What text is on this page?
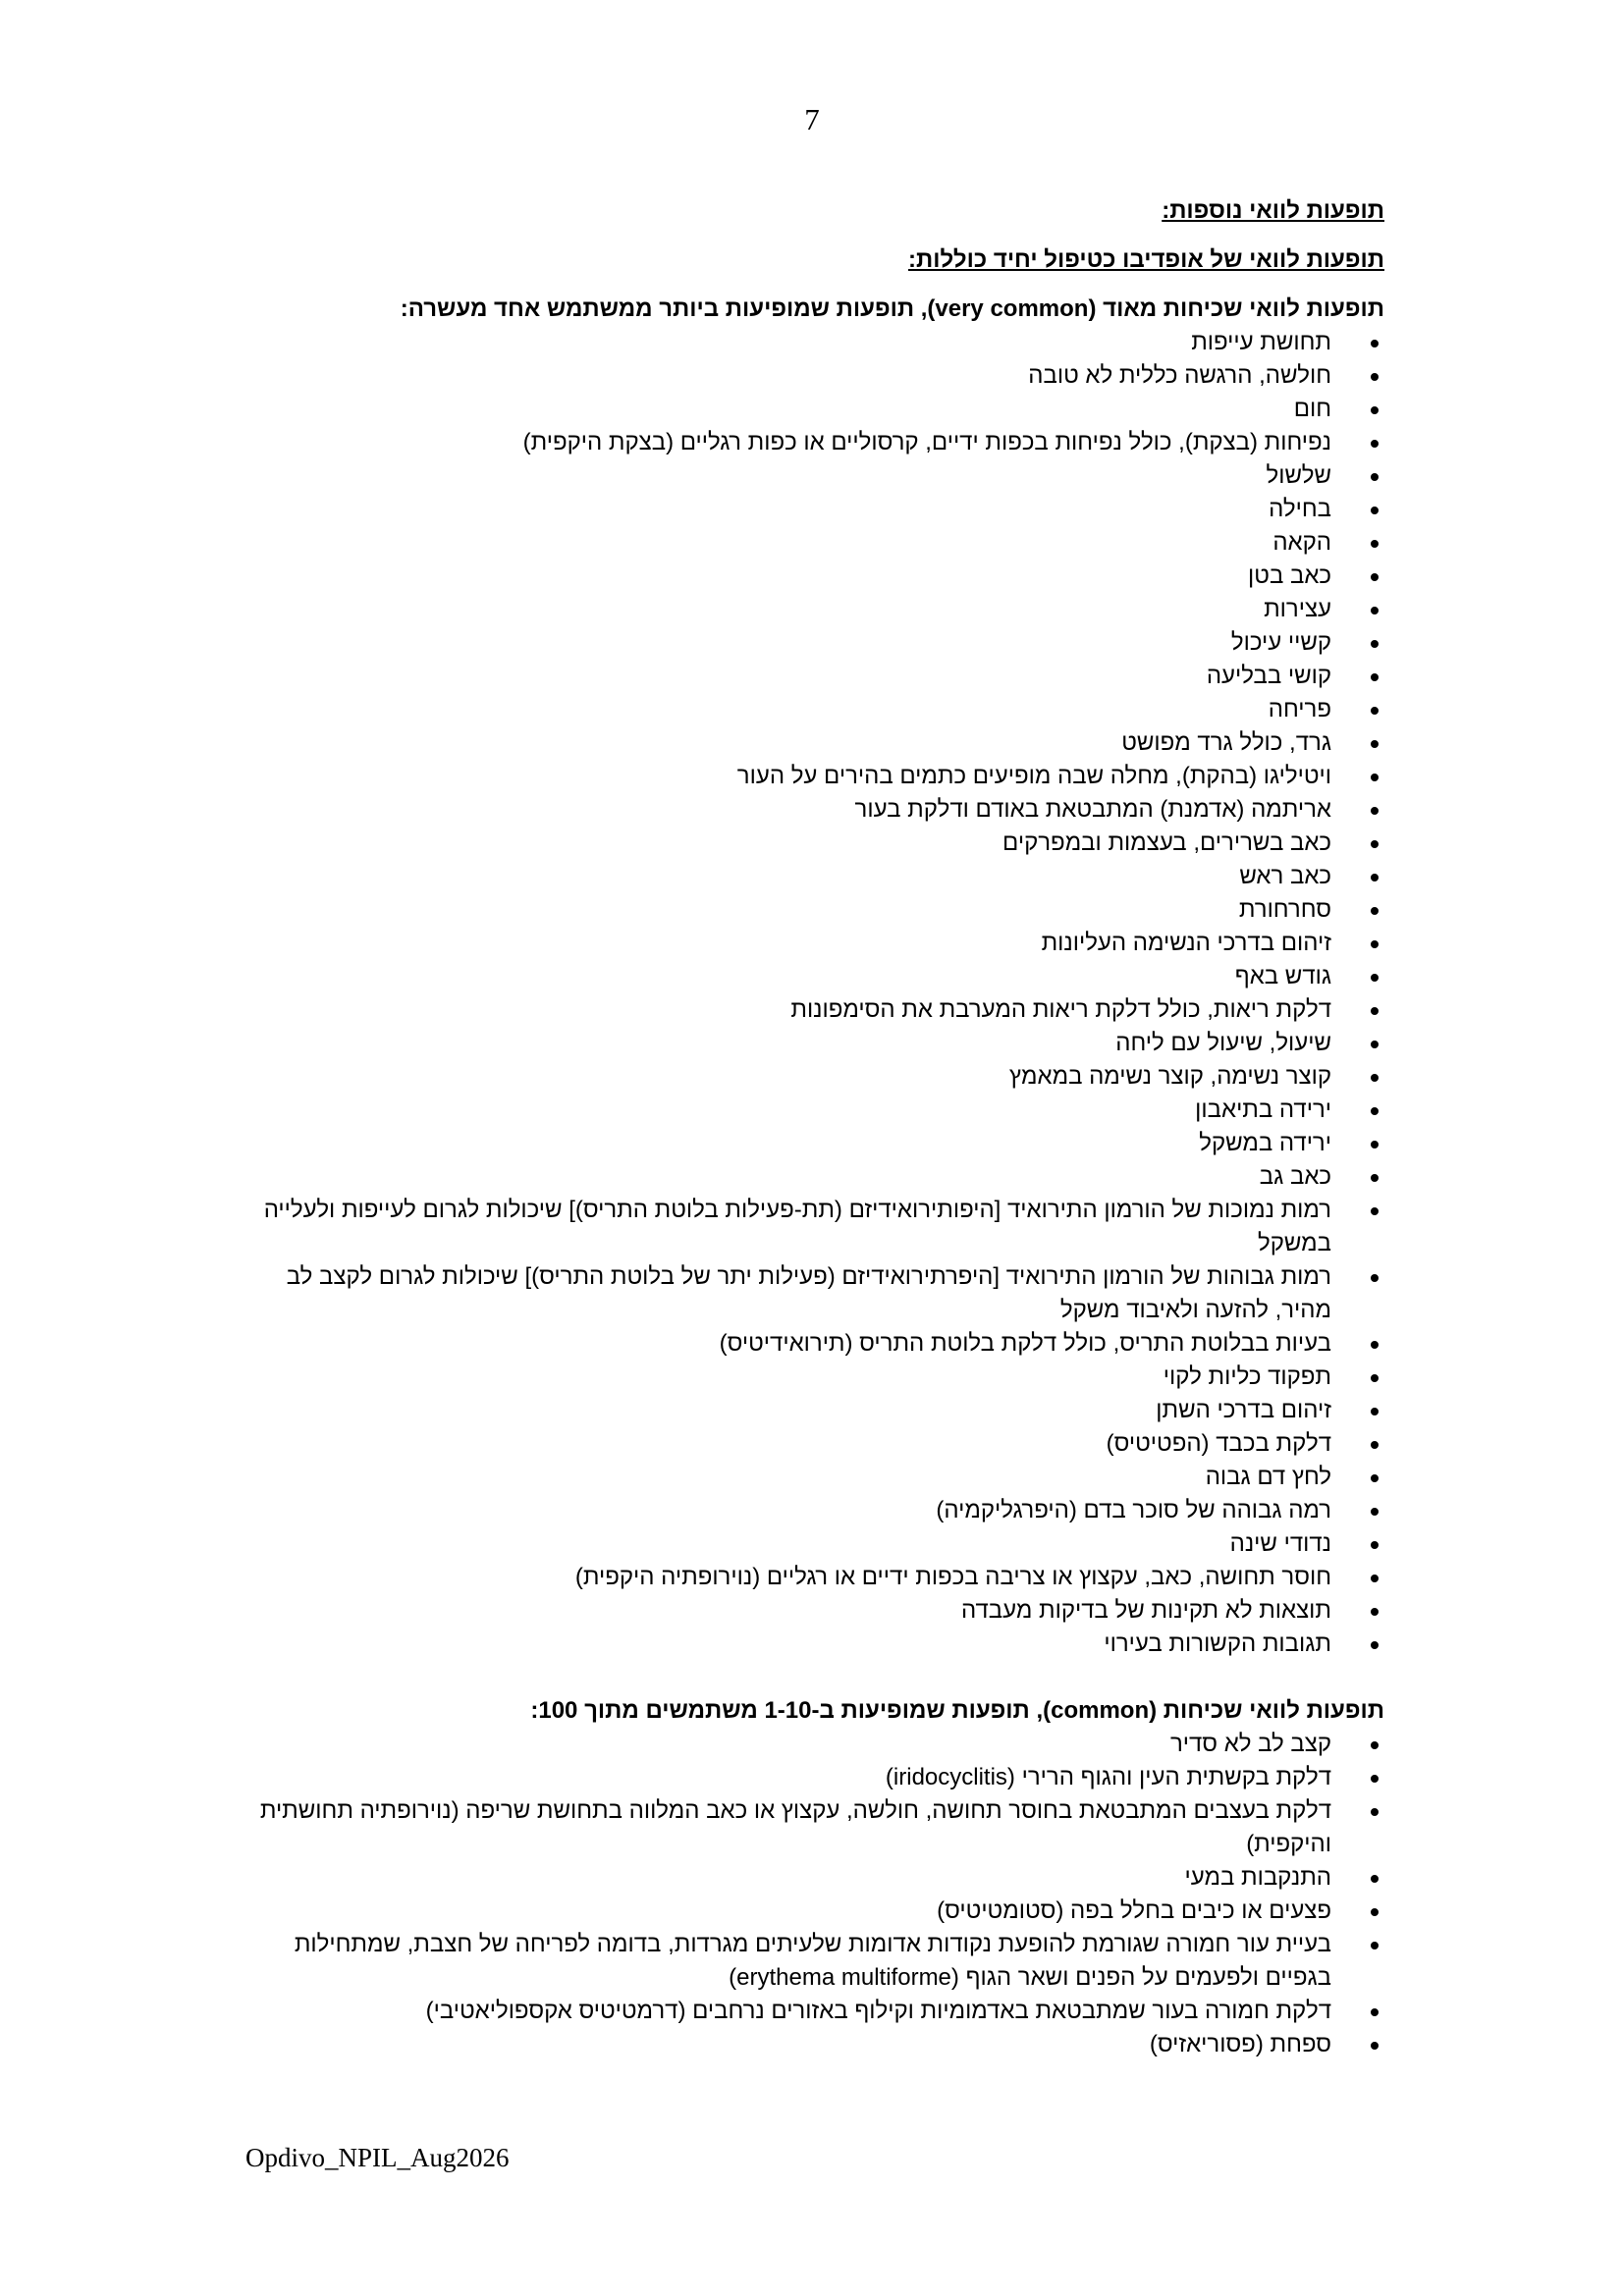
7

תופעות לוואי נוספות:

תופעות לוואי של אופדיבו כטיפול יחיד כוללות:

תופעות לוואי שכיחות מאוד (very common), תופעות שמופיעות ביותר ממשתמש אחד מעשרה:

תחושת עייפות
חולשה, הרגשה כללית לא טובה
חום
נפיחות (בצקת), כולל נפיחות בכפות ידיים, קרסוליים או כפות רגליים (בצקת היקפית)
שלשול
בחילה
הקאה
כאב בטן
עצירות
קשיי עיכול
קושי בבליעה
פריחה
גרד, כולל גרד מפושט
ויטיליגו (בהקת), מחלה שבה מופיעים כתמים בהירים על העור
אריתמה (אדמנת) המתבטאת באודם ודלקת בעור
כאב בשרירים, בעצמות ובמפרקים
כאב ראש
סחרחורת
זיהום בדרכי הנשימה העליונות
גודש באף
דלקת ריאות, כולל דלקת ריאות המערבת את הסימפונות
שיעול, שיעול עם ליחה
קוצר נשימה, קוצר נשימה במאמץ
ירידה בתיאבון
ירידה במשקל
כאב גב
רמות נמוכות של הורמון התירואיד [היפותירואידיזם (תת-פעילות בלוטת התריס)] שיכולות לגרום לעייפות ולעלייה במשקל
רמות גבוהות של הורמון התירואיד [היפרתירואידיזם (פעילות יתר של בלוטת התריס)] שיכולות לגרום לקצב לב מהיר, להזעה ולאיבוד משקל
בעיות בבלוטת התריס, כולל דלקת בלוטת התריס (תירואידיטיס)
תפקוד כליות לקוי
זיהום בדרכי השתן
דלקת בכבד (הפטיטיס)
לחץ דם גבוה
רמה גבוהה של סוכר בדם (היפרגליקמיה)
נדודי שינה
חוסר תחושה, כאב, עקצוץ או צריבה בכפות ידיים או רגליים (נוירופתיה היקפית)
תוצאות לא תקינות של בדיקות מעבדה
תגובות הקשורות בעירוי

תופעות לוואי שכיחות (common), תופעות שמופיעות ב-1-10 משתמשים מתוך 100:

קצב לב לא סדיר
דלקת בקשתית העין והגוף הרירי (iridocyclitis)
דלקת בעצבים המתבטאת בחוסר תחושה, חולשה, עקצוץ או כאב המלווה בתחושת שריפה (נוירופתיה תחושתית והיקפית)
התנקבות במעי
פצעים או כיבים בחלל בפה (סטומטיטיס)
בעיית עור חמורה שגורמת להופעת נקודות אדומות שלעיתים מגרדות, בדומה לפריחה של חצבת, שמתחילות בגפיים ולפעמים על הפנים ושאר הגוף (erythema multiforme)
דלקת חמורה בעור שמתבטאת באדמומיות וקילוף באזורים נרחבים (דרמטיטיס אקספוליאטיבי)
ספחת (פסוריאזיס)
Opdivo_NPIL_Aug2026
